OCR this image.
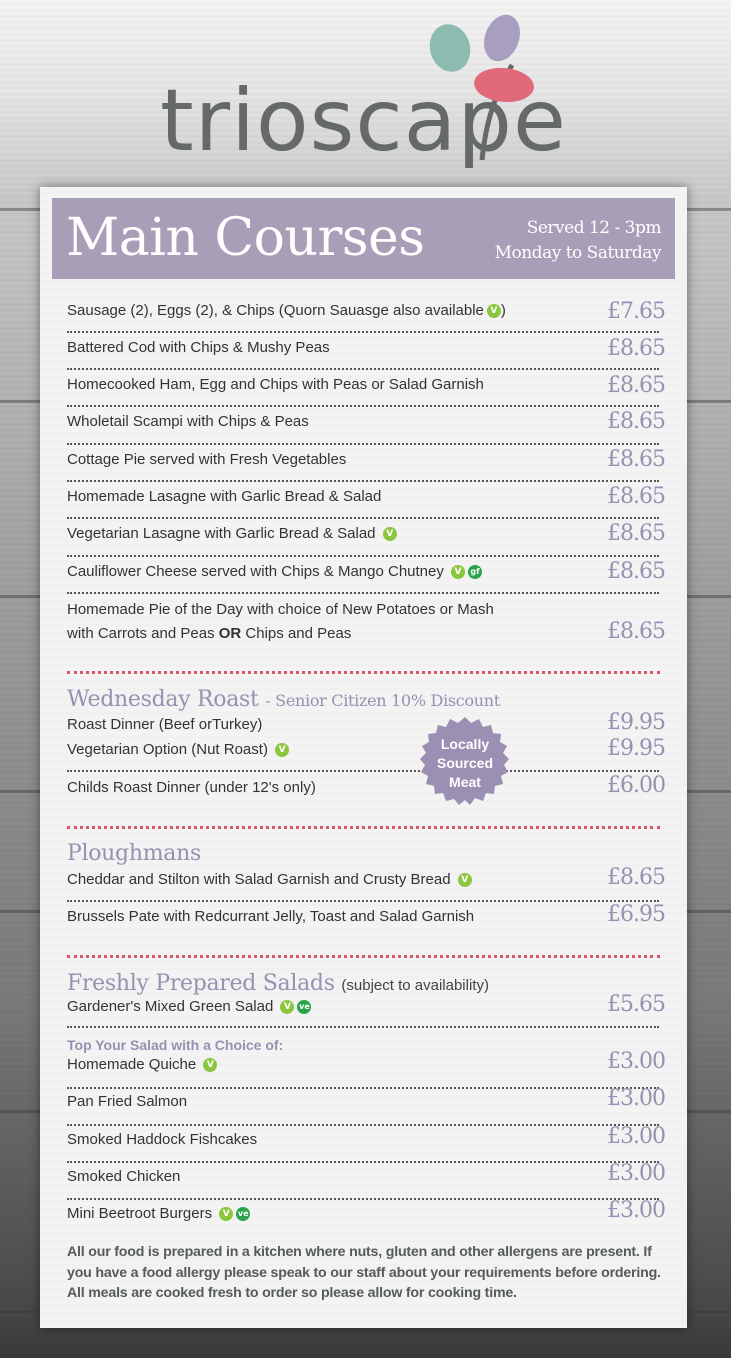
trioscape
Main Courses	Served 12 - 3pm
Monday to Saturday
Sausage (2), Eggs (2), & Chips (Quorn Sauasge also available V )	£7.65
Battered Cod with Chips & Mushy Peas	£8.65
Homecooked Ham, Egg and Chips with Peas or Salad Garnish	£8.65
Wholetail Scampi with Chips & Peas	£8.65
Cottage Pie served with Fresh Vegetables	£8.65
Homemade Lasagne with Garlic Bread & Salad	£8.65
Vegetarian Lasagne with Garlic Bread & Salad V	£8.65
Cauliflower Cheese served with Chips & Mango Chutney V gf	£8.65
Homemade Pie of the Day with choice of New Potatoes or Mash
with Carrots and Peas OR Chips and Peas	£8.65
Wednesday Roast - Senior Citizen 10% Discount
Roast Dinner (Beef orTurkey)	£9.95
Vegetarian Option (Nut Roast) V	£9.95
Childs Roast Dinner (under 12's only)	£6.00
Locally
Sourced
Meat
Ploughmans
Cheddar and Stilton with Salad Garnish and Crusty Bread V	£8.65
Brussels Pate with Redcurrant Jelly, Toast and Salad Garnish	£6.95
Freshly Prepared Salads (subject to availability)
Gardener's Mixed Green Salad V ve	£5.65
Top Your Salad with a Choice of:
Homemade Quiche V	£3.00
Pan Fried Salmon	£3.00
Smoked Haddock Fishcakes	£3.00
Smoked Chicken	£3.00
Mini Beetroot Burgers V ve	£3.00
All our food is prepared in a kitchen where nuts, gluten and other allergens are present. If you have a food allergy please speak to our staff about your requirements before ordering. All meals are cooked fresh to order so please allow for cooking time.
